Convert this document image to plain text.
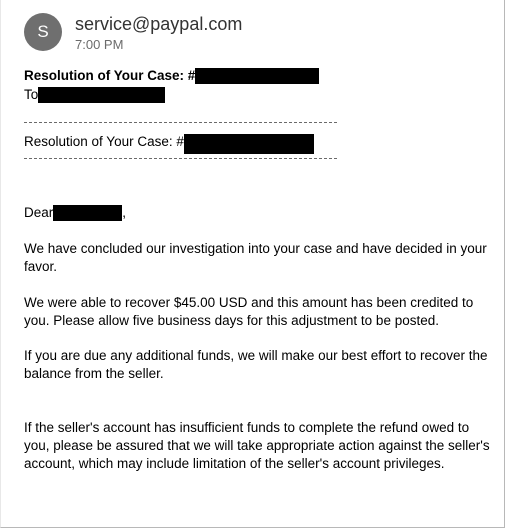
S	service@paypal.com
7:00 PM
Resolution of Your Case: #
To
Resolution of Your Case: #
Dear	,
We have concluded our investigation into your case and have decided in your favor.
We were able to recover $45.00 USD and this amount has been credited to you. Please allow five business days for this adjustment to be posted.
If you are due any additional funds, we will make our best effort to recover the balance from the seller.
If the seller's account has insufficient funds to complete the refund owed to you, please be assured that we will take appropriate action against the seller's account, which may include limitation of the seller's account privileges.
